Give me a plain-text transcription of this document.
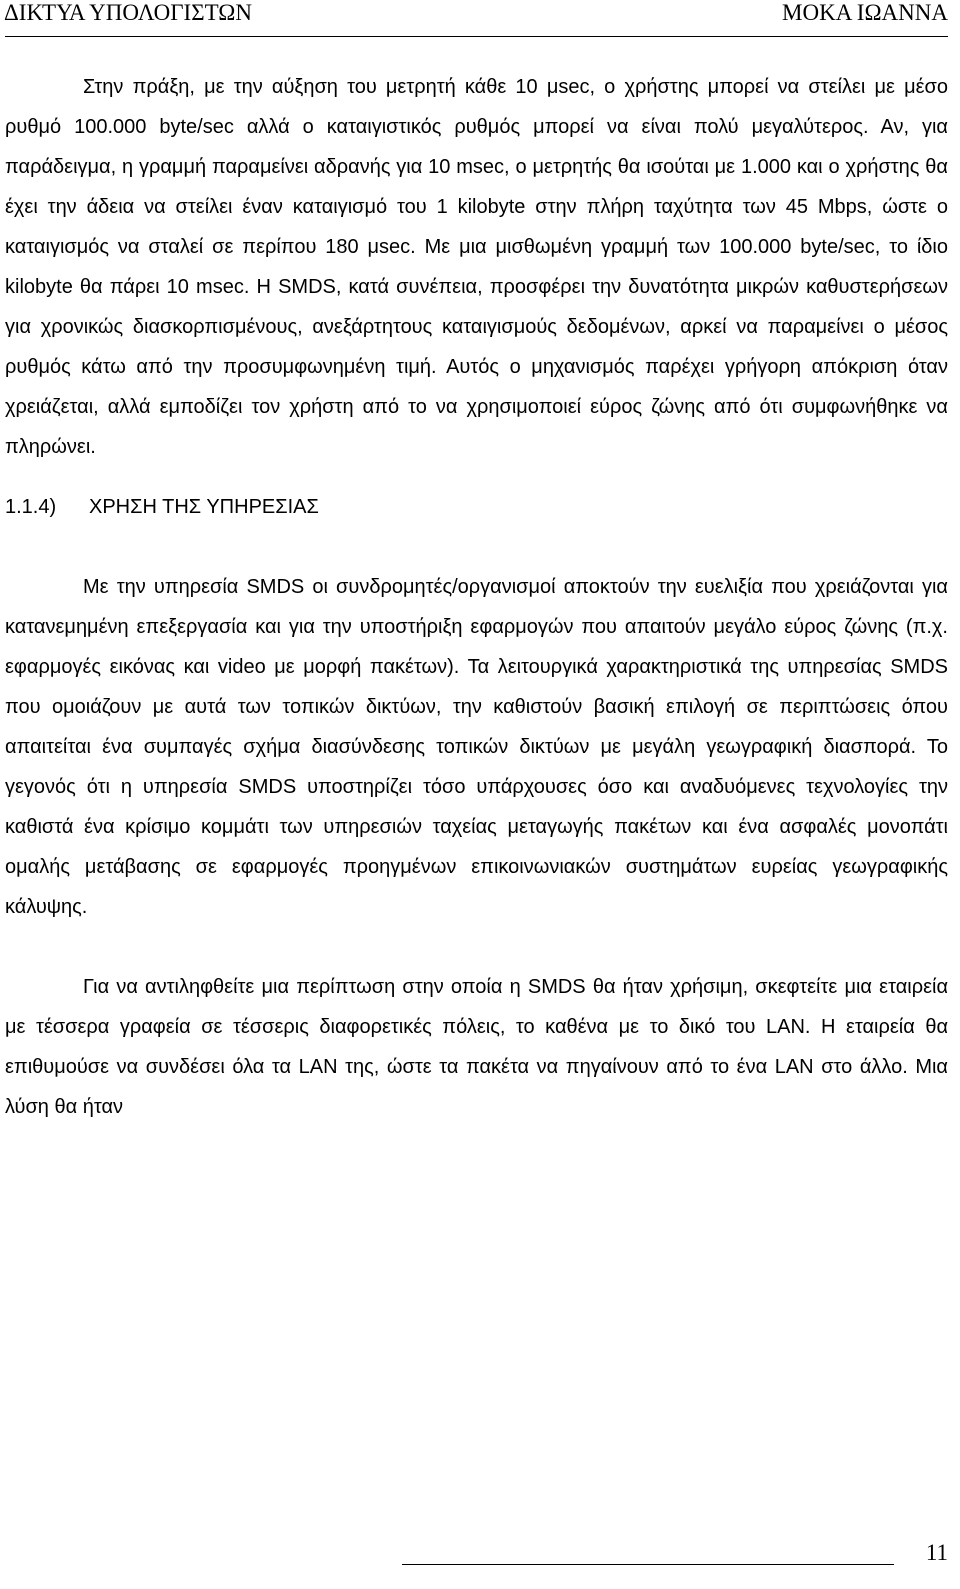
ΔΙΚΤΥΑ ΥΠΟΛΟΓΙΣΤΩΝ	ΜΟΚΑ ΙΩΑΝΝΑ

Στην πράξη, με την αύξηση του μετρητή κάθε 10 μsec, ο χρήστης μπορεί να στείλει με μέσο ρυθμό 100.000 byte/sec αλλά ο καταιγιστικός ρυθμός μπορεί να είναι πολύ μεγαλύτερος. Αν, για παράδειγμα, η γραμμή παραμείνει αδρανής για 10 msec, ο μετρητής θα ισούται με 1.000 και ο χρήστης θα έχει την άδεια να στείλει έναν καταιγισμό του 1 kilobyte στην πλήρη ταχύτητα των 45 Mbps, ώστε ο καταιγισμός να σταλεί σε περίπου 180 μsec. Με μια μισθωμένη γραμμή των 100.000 byte/sec, το ίδιο kilobyte θα πάρει 10 msec. Η SMDS, κατά συνέπεια, προσφέρει την δυνατότητα μικρών καθυστερήσεων για χρονικώς διασκορπισμένους, ανεξάρτητους καταιγισμούς δεδομένων, αρκεί να παραμείνει ο μέσος ρυθμός κάτω από την προσυμφωνημένη τιμή. Αυτός ο μηχανισμός παρέχει γρήγορη απόκριση όταν χρειάζεται, αλλά εμποδίζει τον χρήστη από το να χρησιμοποιεί εύρος ζώνης από ότι συμφωνήθηκε να πληρώνει.

1.1.4) ΧΡΗΣΗ ΤΗΣ ΥΠΗΡΕΣΙΑΣ

Με την υπηρεσία SMDS οι συνδρομητές/οργανισμοί αποκτούν την ευελιξία που χρειάζονται για κατανεμημένη επεξεργασία και για την υποστήριξη εφαρμογών που απαιτούν μεγάλο εύρος ζώνης (π.χ. εφαρμογές εικόνας και video με μορφή πακέτων). Τα λειτουργικά χαρακτηριστικά της υπηρεσίας SMDS που ομοιάζουν με αυτά των τοπικών δικτύων, την καθιστούν βασική επιλογή σε περιπτώσεις όπου απαιτείται ένα συμπαγές σχήμα διασύνδεσης τοπικών δικτύων με μεγάλη γεωγραφική διασπορά. Το γεγονός ότι η υπηρεσία SMDS υποστηρίζει τόσο υπάρχουσες όσο και αναδυόμενες τεχνολογίες την καθιστά ένα κρίσιμο κομμάτι των υπηρεσιών ταχείας μεταγωγής πακέτων και ένα ασφαλές μονοπάτι ομαλής μετάβασης σε εφαρμογές προηγμένων επικοινωνιακών συστημάτων ευρείας γεωγραφικής κάλυψης.

Για να αντιληφθείτε μια περίπτωση στην οποία η SMDS θα ήταν χρήσιμη, σκεφτείτε μια εταιρεία με τέσσερα γραφεία σε τέσσερις διαφορετικές πόλεις, το καθένα με το δικό του LAN. Η εταιρεία θα επιθυμούσε να συνδέσει όλα τα LAN της, ώστε τα πακέτα να πηγαίνουν από το ένα LAN στο άλλο. Μια λύση θα ήταν

11
